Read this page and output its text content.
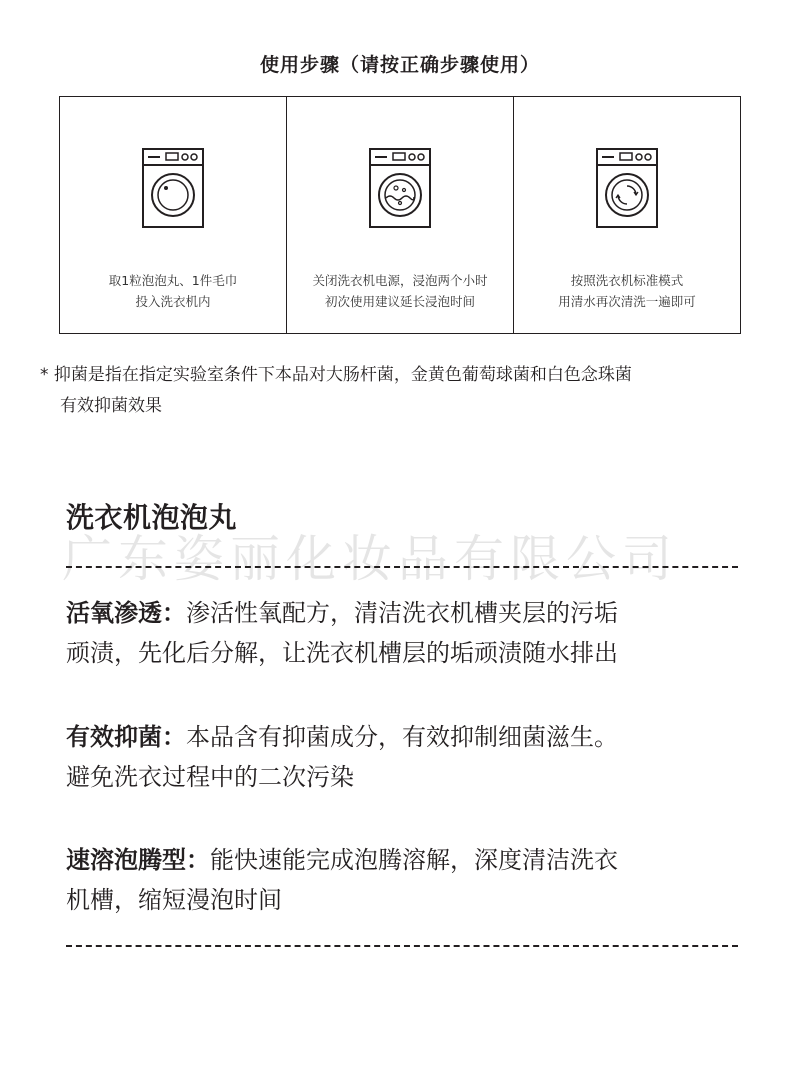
使用步骤（请按正确步骤使用）
取1粒泡泡丸、1件毛巾
投入洗衣机内
关闭洗衣机电源，浸泡两个小时
初次使用建议延长浸泡时间
按照洗衣机标准模式
用清水再次清洗一遍即可
* 抑菌是指在指定实验室条件下本品对大肠杆菌，金黄色葡萄球菌和白色念珠菌
有效抑菌效果
洗衣机泡泡丸
广东姿丽化妆品有限公司
活氧渗透：渗活性氧配方，清洁洗衣机槽夹层的污垢
顽渍，先化后分解，让洗衣机槽层的垢顽渍随水排出
有效抑菌：本品含有抑菌成分，有效抑制细菌滋生。
避免洗衣过程中的二次污染
速溶泡腾型：能快速能完成泡腾溶解，深度清洁洗衣
机槽，缩短漫泡时间
